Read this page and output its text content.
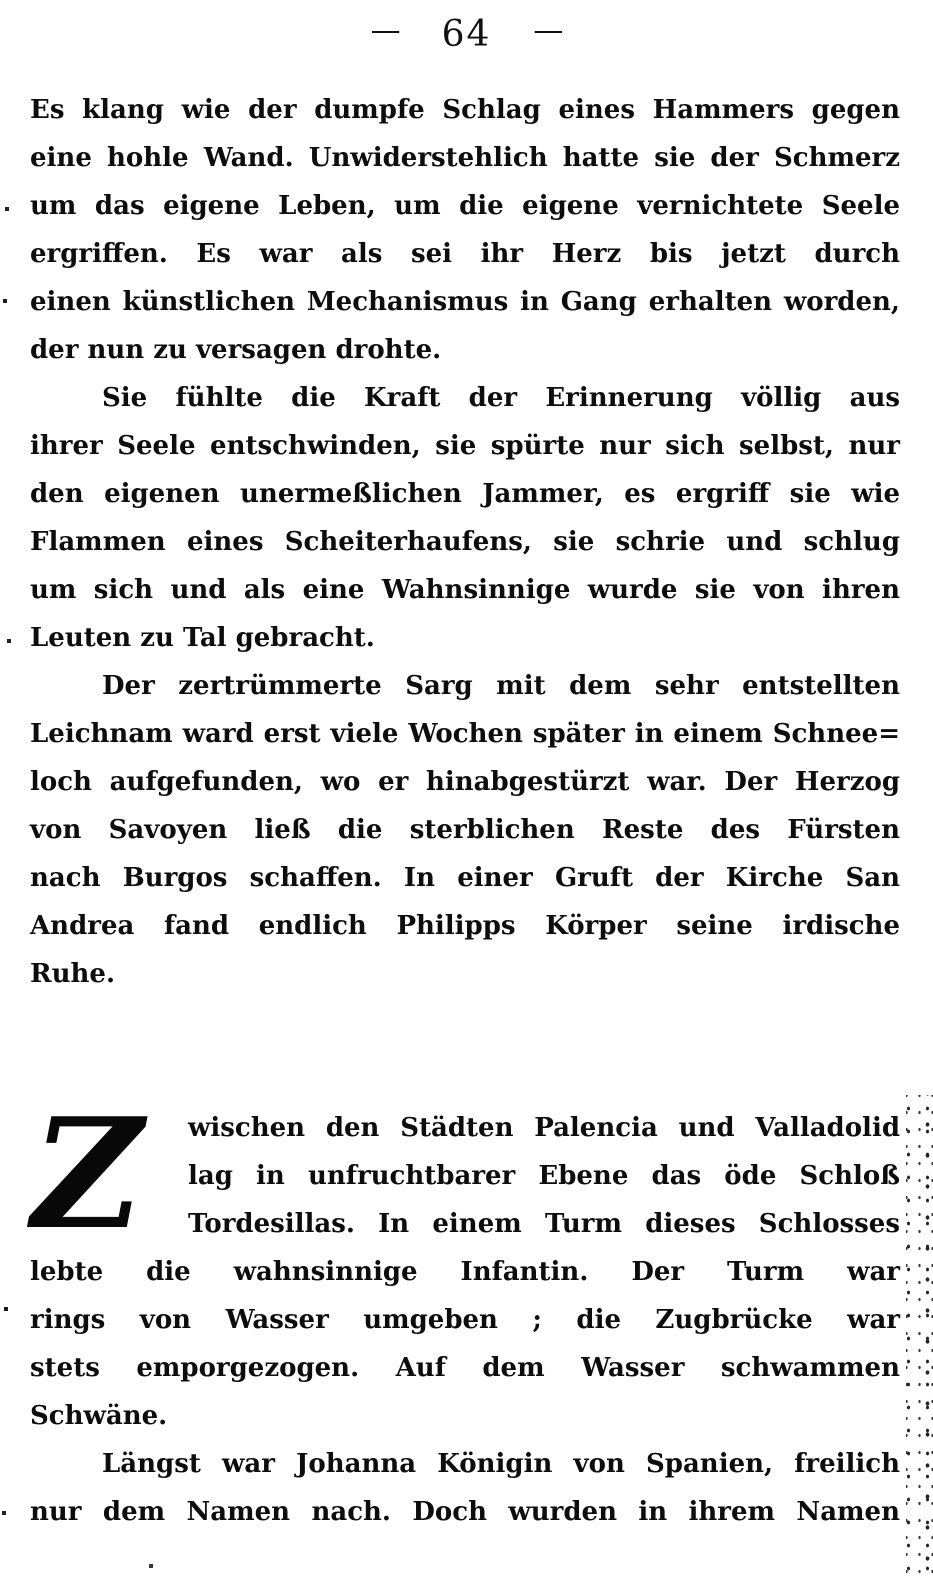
— 64 —
Es klang wie der dumpfe Schlag eines Hammers gegen
eine hohle Wand. Unwiderstehlich hatte sie der Schmerz
um das eigene Leben, um die eigene vernichtete Seele
ergriffen. Es war als sei ihr Herz bis jetzt durch
einen künstlichen Mechanismus in Gang erhalten worden,
der nun zu versagen drohte.
Sie fühlte die Kraft der Erinnerung völlig aus
ihrer Seele entschwinden, sie spürte nur sich selbst, nur
den eigenen unermeßlichen Jammer, es ergriff sie wie
Flammen eines Scheiterhaufens, sie schrie und schlug
um sich und als eine Wahnsinnige wurde sie von ihren
Leuten zu Tal gebracht.
Der zertrümmerte Sarg mit dem sehr entstellten
Leichnam ward erst viele Wochen später in einem Schnee=
loch aufgefunden, wo er hinabgestürzt war. Der Herzog
von Savoyen ließ die sterblichen Reste des Fürsten
nach Burgos schaffen. In einer Gruft der Kirche San
Andrea fand endlich Philipps Körper seine irdische
Ruhe.
Z	wischen den Städten Palencia und Valladolid
lag in unfruchtbarer Ebene das öde Schloß
Tordesillas. In einem Turm dieses Schlosses
lebte die wahnsinnige Infantin. Der Turm war
rings von Wasser umgeben ; die Zugbrücke war
stets emporgezogen. Auf dem Wasser schwammen
Schwäne.
Längst war Johanna Königin von Spanien, freilich
nur dem Namen nach. Doch wurden in ihrem Namen
